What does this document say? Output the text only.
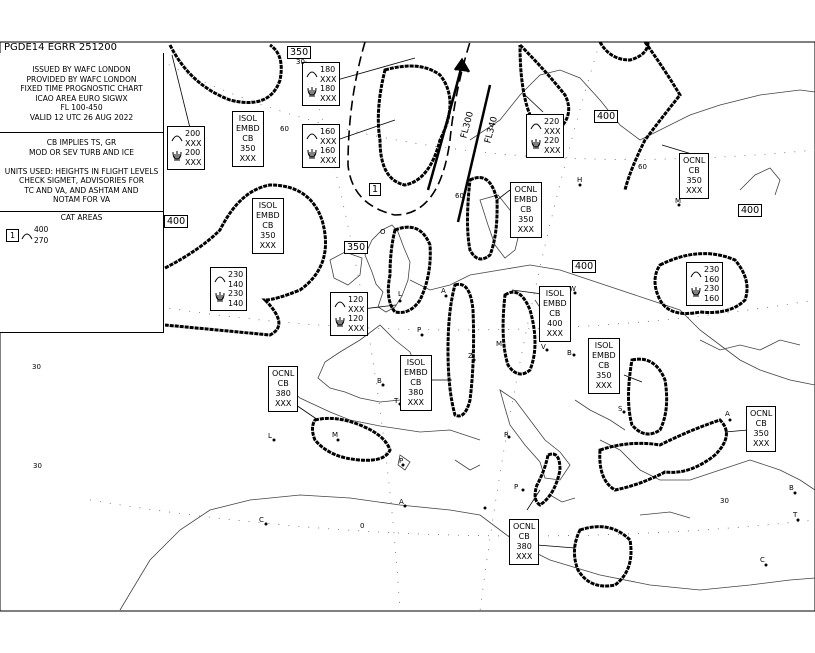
PGDE14 EGRR 251200
ISSUED BY WAFC LONDON
PROVIDED BY WAFC LONDON
FIXED TIME PROGNOSTIC CHART
ICAO AREA EURO SIGWX
FL 100-450
VALID 12 UTC 26 AUG 2022
CB IMPLIES TS, GR
MOD OR SEV TURB AND ICE
UNITS USED: HEIGHTS IN FLIGHT LEVELS
CHECK SIGMET, ADVISORIES FOR
TC AND VA, AND ASHTAM AND
NOTAM FOR VA
CAT AREAS
1
400
270
350
400
400
400
400
350
1
FL300 FL340
ISOL
EMBD
CB
350
XXX
ISOL
EMBD
CB
350
XXX
OCNL
CB
350
XXX
OCNL
EMBD
CB
350
XXX
ISOL
EMBD
CB
400
XXX
ISOL
EMBD
CB
380
XXX
OCNL
CB
380
XXX
ISOL
EMBD
CB
350
XXX
OCNL
CB
350
XXX
OCNL
CB
380
XXX
180
XXX
180
XXX
200
XXX
200
XXX
160
XXX
160
XXX
220
XXX
220
XXX
230
140
230
140	120
XXX
120
XXX
230
160
230
160
H
M
A
L
P
Z
W
V
B
S
M
B
T
R
A
P
P
A
C
B
T
C
L
M
O
30
60
60
60
30
30
0
30
